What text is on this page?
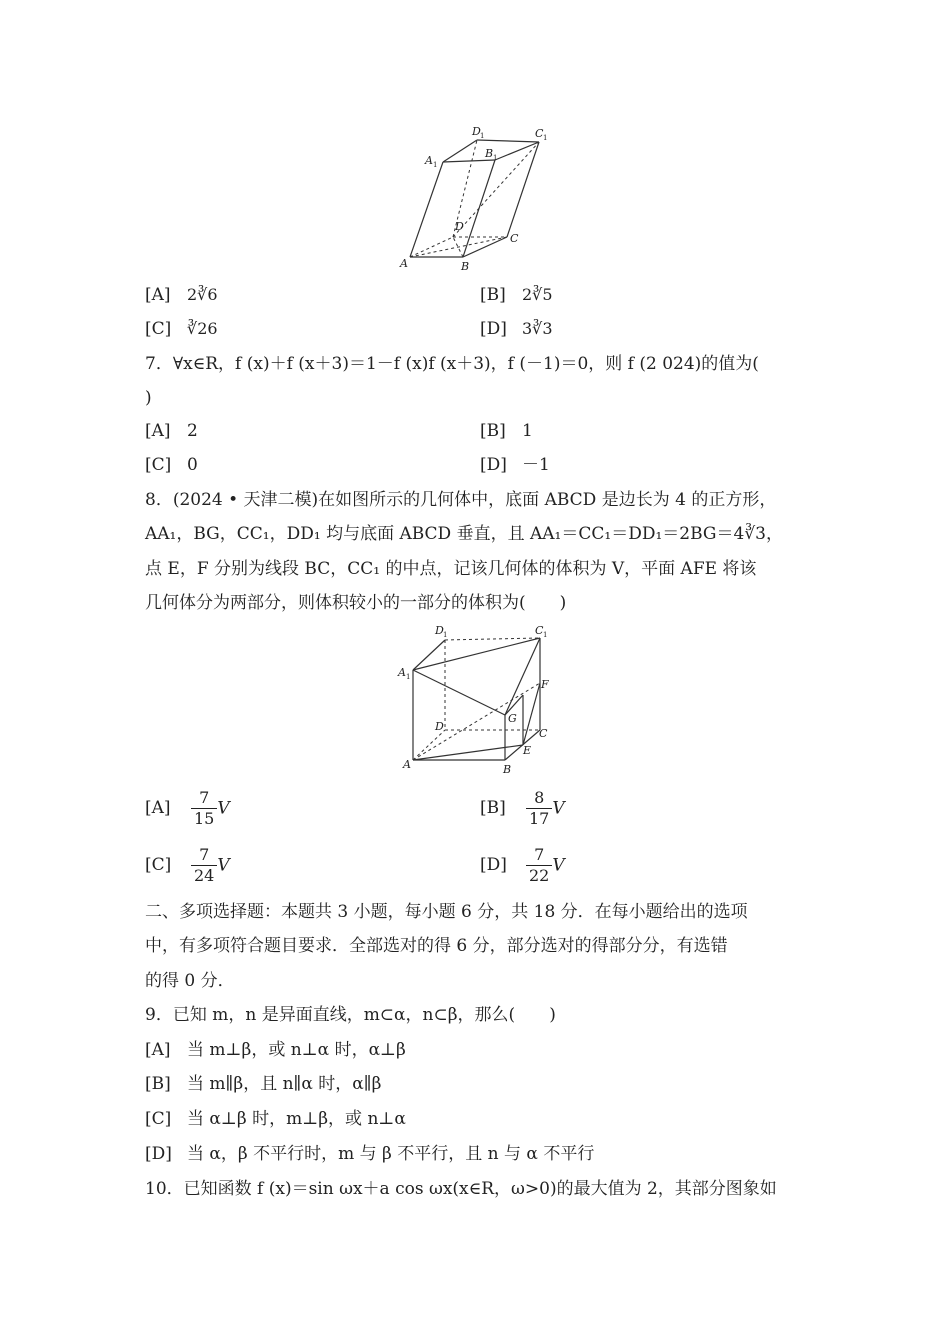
A	B
C
D
A 1
B 1
C 1
D 1
[A] 2∛6	[B] 2∛5
[C] ∛26	[D] 3∛3
7．∀x∈R，f (x)＋f (x＋3)＝1－f (x)f (x＋3)，f (－1)＝0，则 f (2 024)的值为(
)
[A] 2	[B] 1
[C] 0	[D] －1
8．(2024 • 天津二模)在如图所示的几何体中，底面 ABCD 是边长为 4 的正方形，
AA₁，BG，CC₁，DD₁ 均与底面 ABCD 垂直，且 AA₁＝CC₁＝DD₁＝2BG＝4∛3，
点 E，F 分别为线段 BC，CC₁ 的中点，记该几何体的体积为 V，平面 AFE 将该
几何体分为两部分，则体积较小的一部分的体积为(　　)
A	B
C
D
A 1
C 1
D 1
E
F
G
$[A] \frac{7}{15}$ V	$[B] \frac{8}{17}$ V
$[C] \frac{7}{24}$ V	$[D] \frac{7}{22}$ V
二、多项选择题：本题共 3 小题，每小题 6 分，共 18 分．在每小题给出的选项
中，有多项符合题目要求．全部选对的得 6 分，部分选对的得部分分，有选错
的得 0 分．
9．已知 m，n 是异面直线，m⊂α，n⊂β，那么(　　)
[A] 当 m⊥β，或 n⊥α 时，α⊥β
[B] 当 m∥β，且 n∥α 时，α∥β
[C] 当 α⊥β 时，m⊥β，或 n⊥α
[D] 当 α，β 不平行时，m 与 β 不平行，且 n 与 α 不平行
10．已知函数 f (x)＝sin ωx＋a cos ωx(x∈R，ω>0)的最大值为 2，其部分图象如
